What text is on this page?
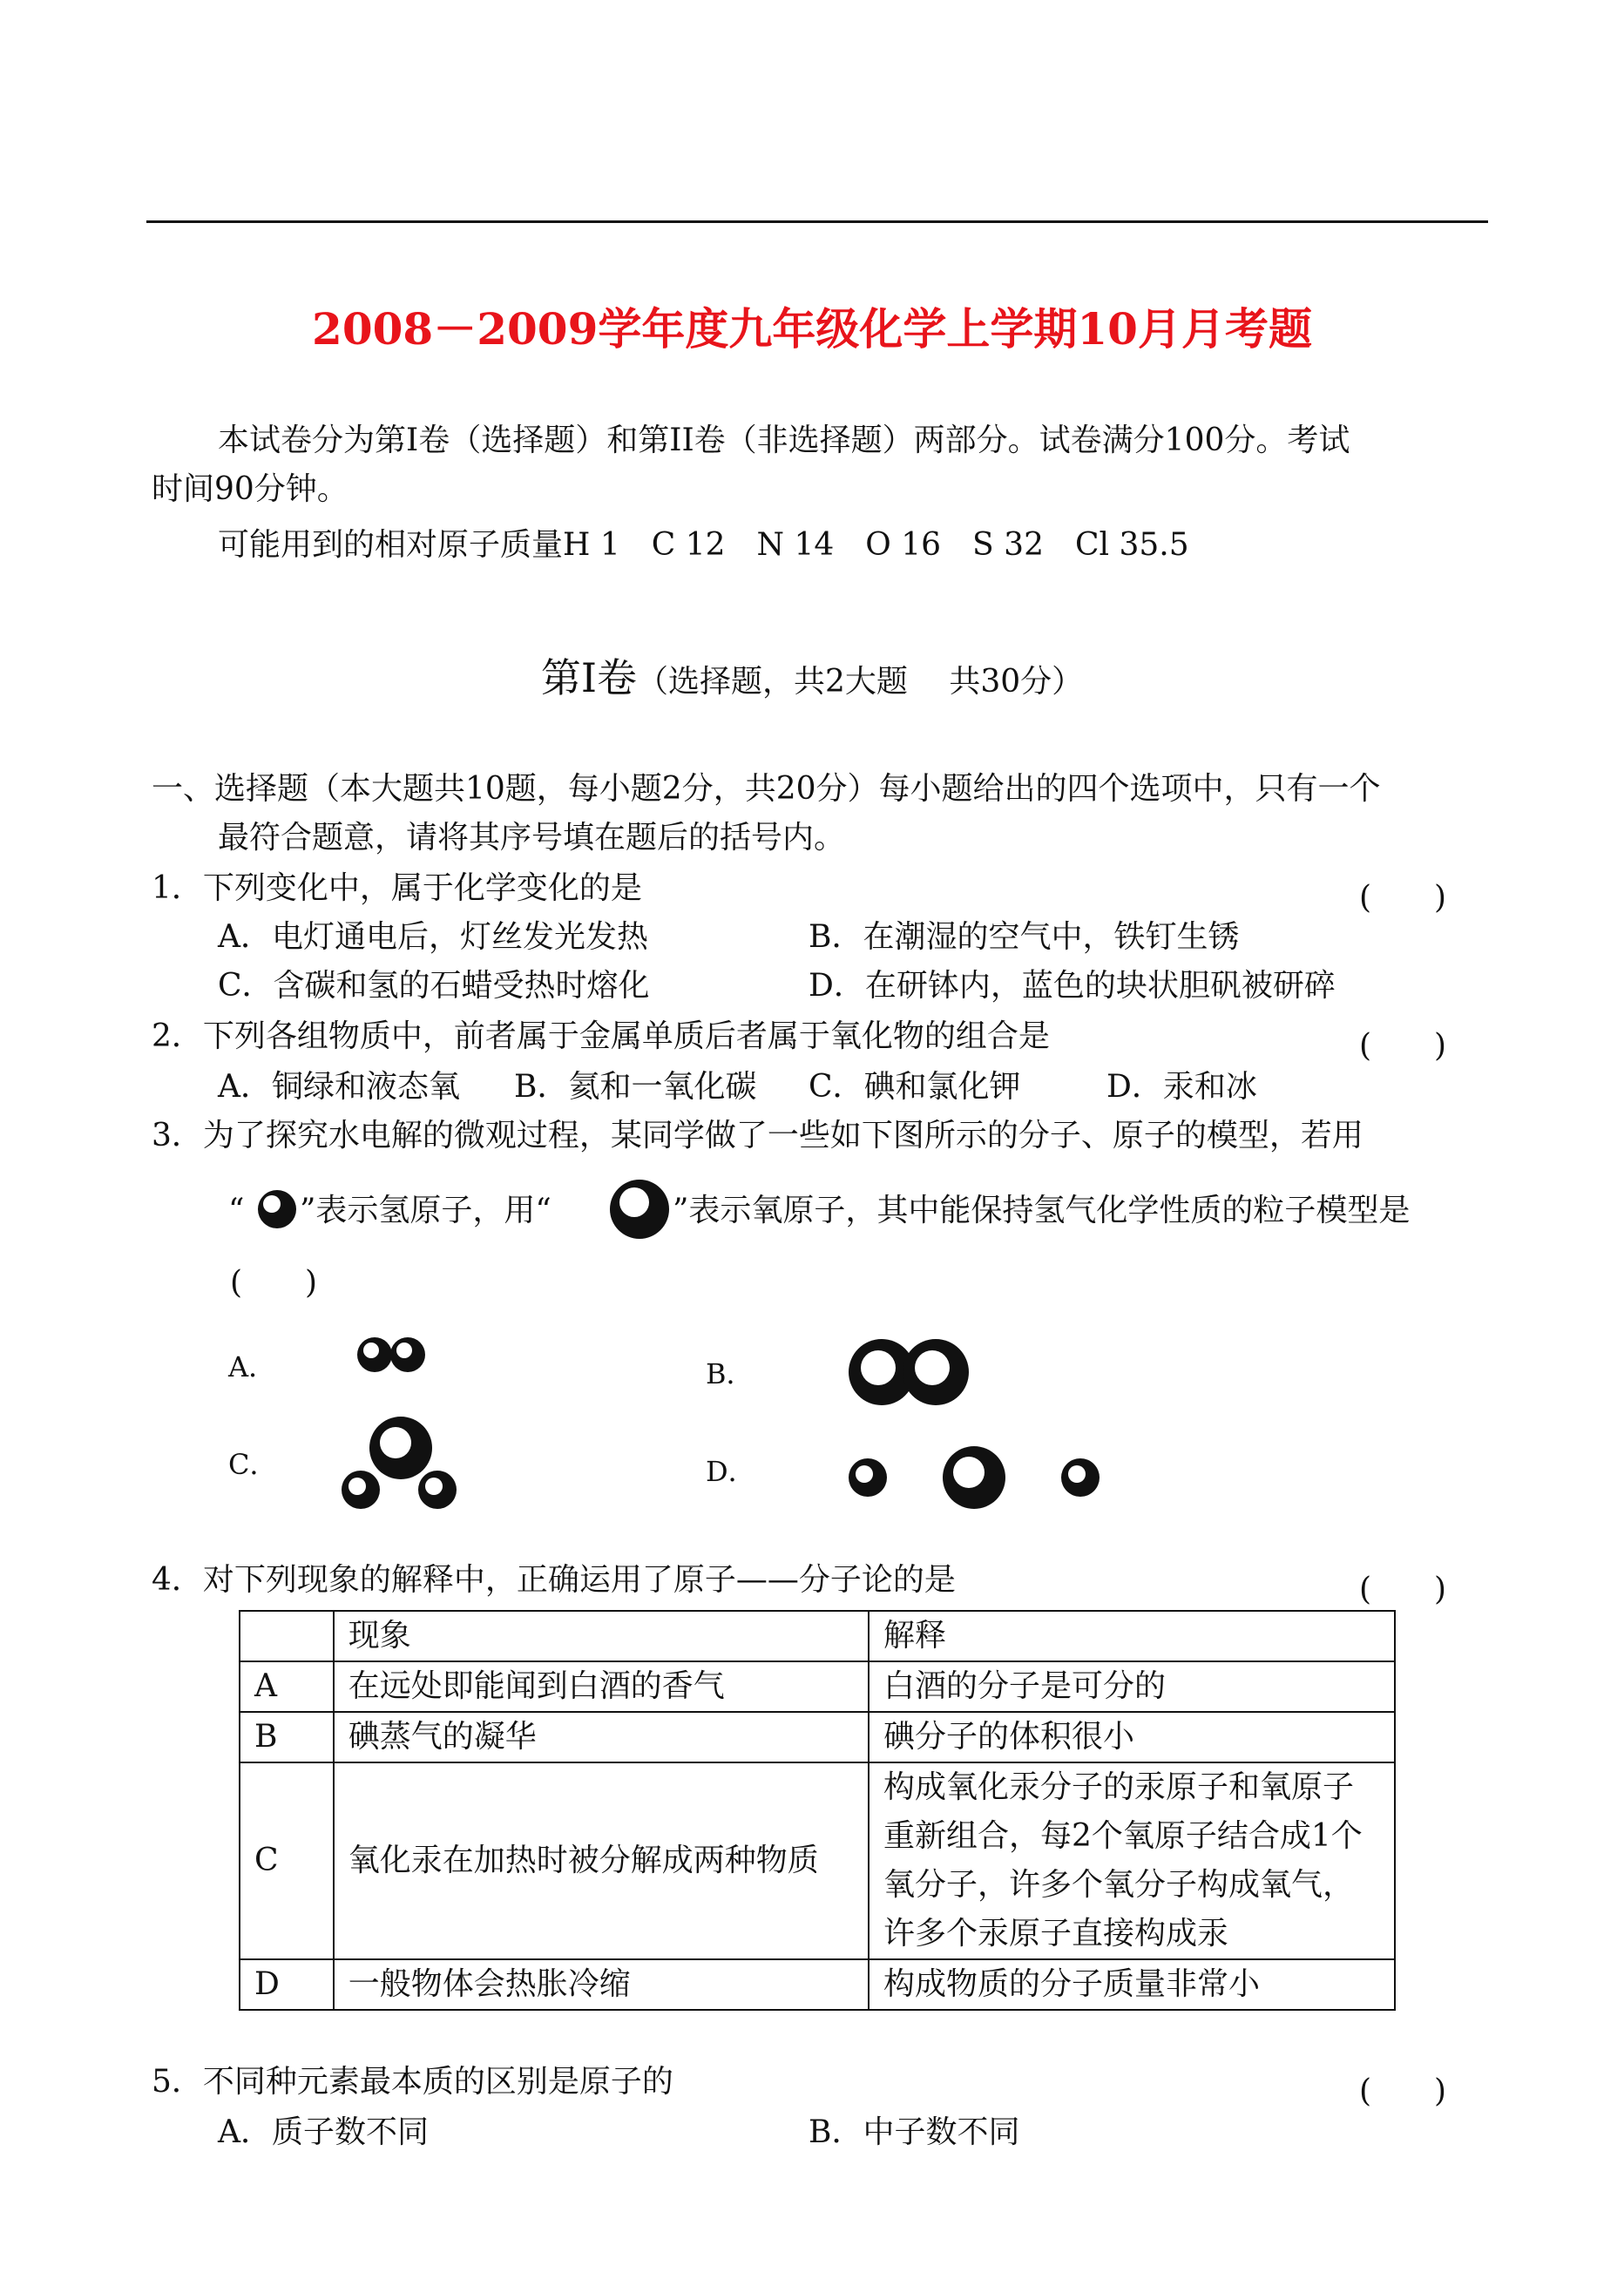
2008－2009学年度九年级化学上学期10月月考题
本试卷分为第Ⅰ卷（选择题）和第II卷（非选择题）两部分。试卷满分100分。考试
时间90分钟。
可能用到的相对原子质量H 1　C 12　N 14　O 16　S 32　Cl 35.5
第Ⅰ卷（选择题，共2大题　 共30分）
一、选择题（本大题共10题，每小题2分，共20分）每小题给出的四个选项中，只有一个
最符合题意，请将其序号填在题后的括号内。
1．下列变化中，属于化学变化的是	(　　)
A．电灯通电后，灯丝发光发热	B．在潮湿的空气中，铁钉生锈
C．含碳和氢的石蜡受热时熔化	D．在研钵内，蓝色的块状胆矾被研碎
2．下列各组物质中，前者属于金属单质后者属于氧化物的组合是	(　　)
A．铜绿和液态氧 B．氦和一氧化碳 C．碘和氯化钾	D．汞和冰
3．为了探究水电解的微观过程，某同学做了一些如下图所示的分子、原子的模型，若用
“ ”表示氢原子，用“	”表示氧原子，其中能保持氢气化学性质的粒子模型是
(　　)
A．	B．
C．	D．
4．对下列现象的解释中，正确运用了原子——分子论的是	(　　)
	现象	解释
A	在远处即能闻到白酒的香气	白酒的分子是可分的
B	碘蒸气的凝华	碘分子的体积很小
C	氧化汞在加热时被分解成两种物质	构成氧化汞分子的汞原子和氧原子重新组合，每2个氧原子结合成1个氧分子，许多个氧分子构成氧气，许多个汞原子直接构成汞
D	一般物体会热胀冷缩	构成物质的分子质量非常小
5．不同种元素最本质的区别是原子的	(　　)
A．质子数不同	B．中子数不同
